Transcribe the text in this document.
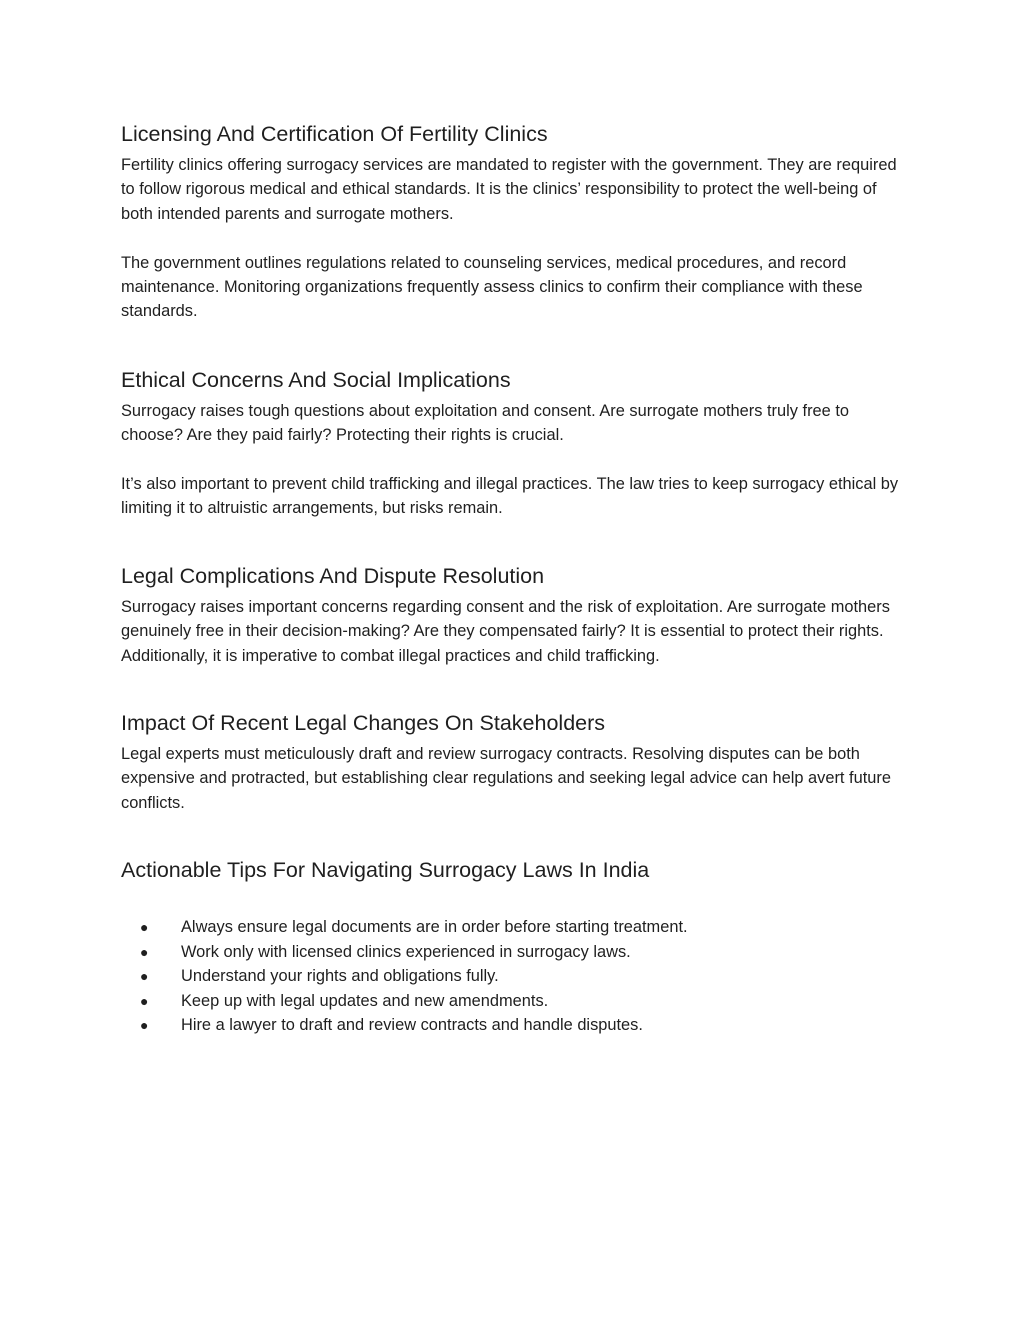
Licensing And Certification Of Fertility Clinics

Fertility clinics offering surrogacy services are mandated to register with the government. They are required to follow rigorous medical and ethical standards. It is the clinics’ responsibility to protect the well-being of both intended parents and surrogate mothers.

The government outlines regulations related to counseling services, medical procedures, and record maintenance. Monitoring organizations frequently assess clinics to confirm their compliance with these standards.

Ethical Concerns And Social Implications

Surrogacy raises tough questions about exploitation and consent. Are surrogate mothers truly free to choose? Are they paid fairly? Protecting their rights is crucial.

It’s also important to prevent child trafficking and illegal practices. The law tries to keep surrogacy ethical by limiting it to altruistic arrangements, but risks remain.

Legal Complications And Dispute Resolution

Surrogacy raises important concerns regarding consent and the risk of exploitation. Are surrogate mothers genuinely free in their decision-making? Are they compensated fairly? It is essential to protect their rights. Additionally, it is imperative to combat illegal practices and child trafficking.

Impact Of Recent Legal Changes On Stakeholders

Legal experts must meticulously draft and review surrogacy contracts. Resolving disputes can be both expensive and protracted, but establishing clear regulations and seeking legal advice can help avert future conflicts.

Actionable Tips For Navigating Surrogacy Laws In India
● Always ensure legal documents are in order before starting treatment.
● Work only with licensed clinics experienced in surrogacy laws.
● Understand your rights and obligations fully.
● Keep up with legal updates and new amendments.
● Hire a lawyer to draft and review contracts and handle disputes.
